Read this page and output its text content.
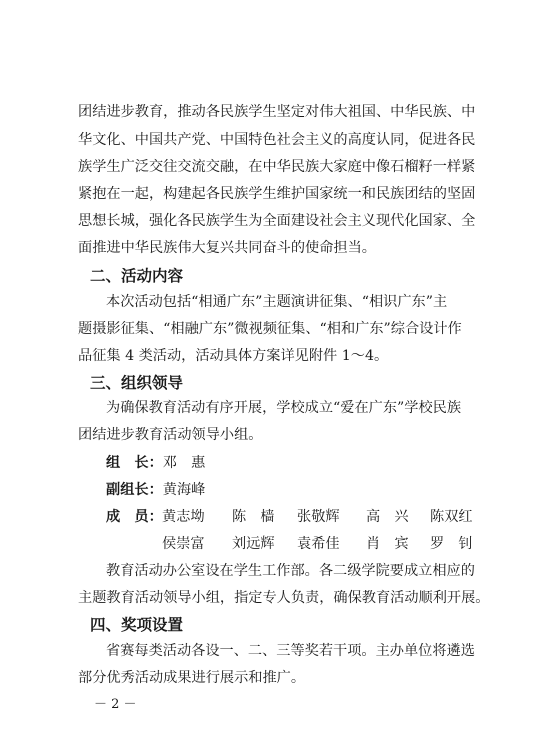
团结进步教育，推动各民族学生坚定对伟大祖国、中华民族、中
华文化、中国共产党、中国特色社会主义的高度认同，促进各民
族学生广泛交往交流交融，在中华民族大家庭中像石榴籽一样紧
紧抱在一起，构建起各民族学生维护国家统一和民族团结的坚固
思想长城，强化各民族学生为全面建设社会主义现代化国家、全
面推进中华民族伟大复兴共同奋斗的使命担当。
二、活动内容
本次活动包括“相通广东”主题演讲征集、“相识广东”主
题摄影征集、“相融广东”微视频征集、“相和广东”综合设计作
品征集 4 类活动，活动具体方案详见附件 1～4。
三、组织领导
为确保教育活动有序开展，学校成立“爱在广东”学校民族
团结进步教育活动领导小组。
组　长：邓　惠
副组长：黄海峰
成　员： 黄志坳 陈　樯 张敬辉 高　兴 陈双红
侯崇富 刘远辉 袁希佳 肖　宾 罗　钊
教育活动办公室设在学生工作部。各二级学院要成立相应的
主题教育活动领导小组，指定专人负责，确保教育活动顺利开展。
四、奖项设置
省赛每类活动各设一、二、三等奖若干项。主办单位将遴选
部分优秀活动成果进行展示和推广。
－ 2 －
